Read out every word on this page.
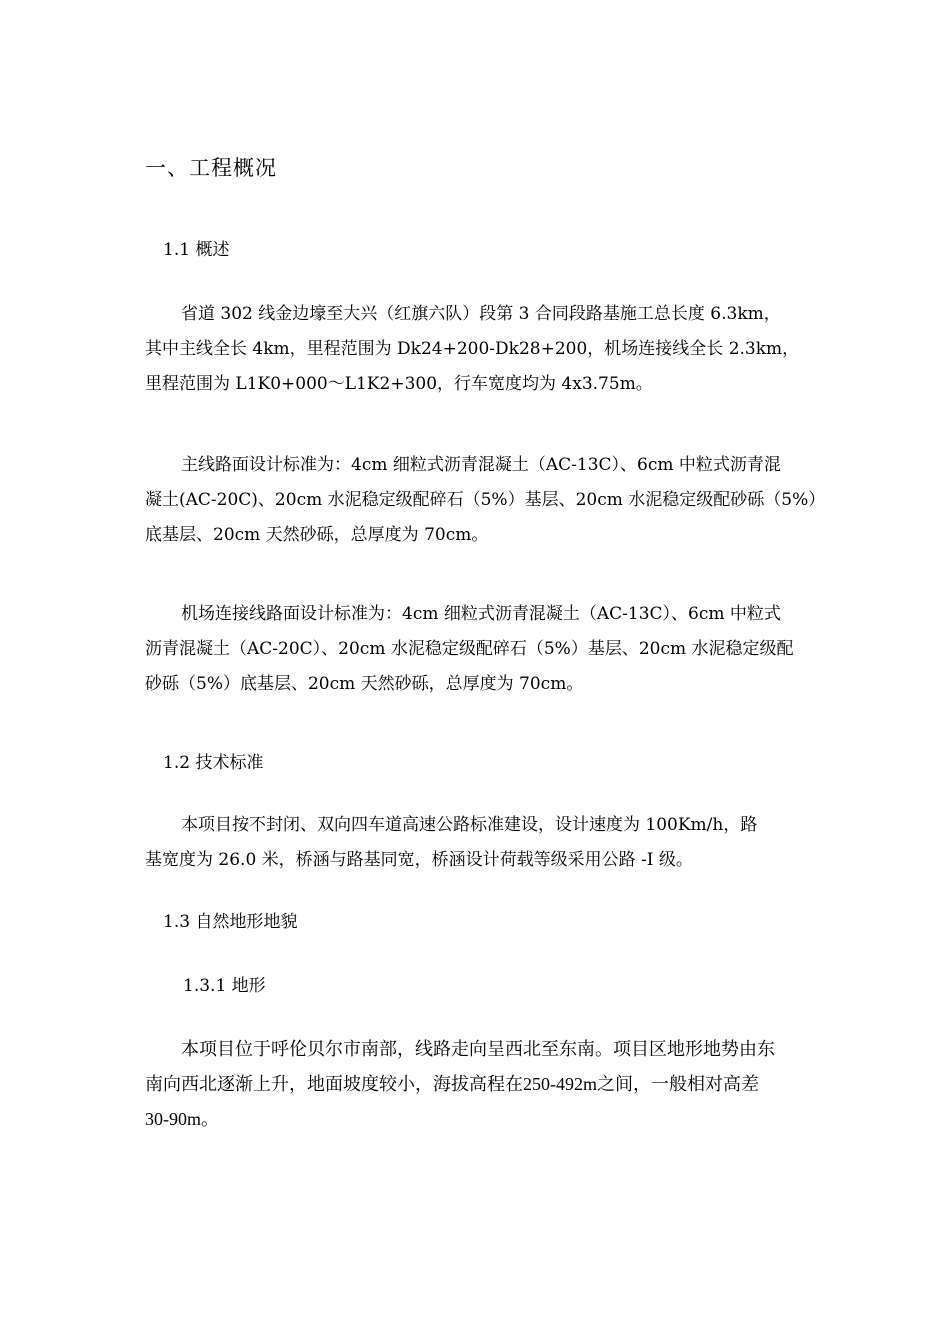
一、工程概况
1.1 概述
省道 302 线金边壕至大兴（红旗六队）段第 3 合同段路基施工总长度 6.3km，
其中主线全长 4km，里程范围为 Dk24+200-Dk28+200，机场连接线全长 2.3km，
里程范围为 L1K0+000～L1K2+300，行车宽度均为 4x3.75m。
主线路面设计标准为：4cm 细粒式沥青混凝土（AC-13C）、6cm 中粒式沥青混
凝土(AC-20C)、20cm 水泥稳定级配碎石（5%）基层、20cm 水泥稳定级配砂砾（5%）
底基层、20cm 天然砂砾，总厚度为 70cm。
机场连接线路面设计标准为：4cm 细粒式沥青混凝土（AC-13C）、6cm 中粒式
沥青混凝土（AC-20C）、20cm 水泥稳定级配碎石（5%）基层、20cm 水泥稳定级配
砂砾（5%）底基层、20cm 天然砂砾，总厚度为 70cm。
1.2 技术标准
本项目按不封闭、双向四车道高速公路标准建设，设计速度为 100Km/h，路
基宽度为 26.0 米，桥涵与路基同宽，桥涵设计荷载等级采用公路 -I 级。
1.3 自然地形地貌
1.3.1 地形
本项目位于呼伦贝尔市南部，线路走向呈西北至东南。项目区地形地势由东
南向西北逐渐上升，地面坡度较小，海拔高程在250-492m之间，一般相对高差
30-90m。
